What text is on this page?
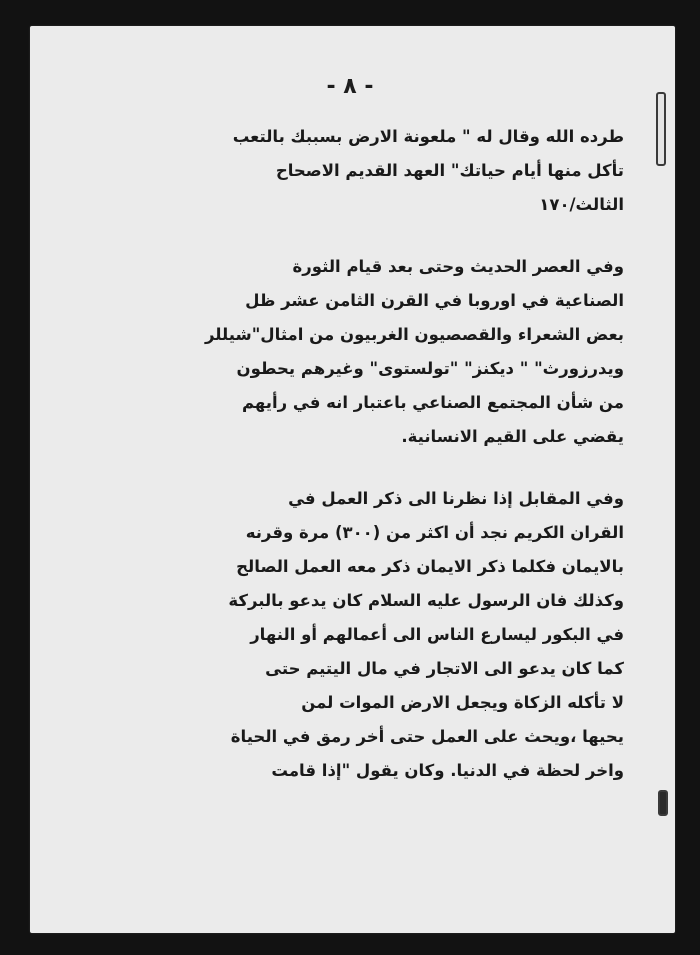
- ٨ -
طرده الله وقال له " ملعونة الارض بسببك بالتعب
تأكل منها أيام حياتك" العهد القديم الاصحاح
الثالث/١٧٠
وفي العصر الحديث وحتى بعد قيام الثورة
الصناعية في اوروبا في القرن الثامن عشر ظل
بعض الشعراء والقصصيون الغربيون من امثال"شيللر
ويدرزورث" " ديكنز" "تولستوى" وغيرهم يحطون
من شأن المجتمع الصناعي باعتبار انه في رأيهم
يقضي على القيم الانسانية.
وفي المقابل إذا نظرنا الى ذكر العمل في
القران الكريم نجد أن اكثر من (٣٠٠) مرة وقرنه
بالايمان فكلما ذكر الايمان ذكر معه العمل الصالح
وكذلك فان الرسول عليه السلام كان يدعو بالبركة
في البكور ليسارع الناس الى أعمالهم أو النهار
كما كان يدعو الى الاتجار في مال اليتيم حتى
لا تأكله الزكاة ويجعل الارض الموات لمن
يحيها ،ويحث على العمل حتى أخر رمق في الحياة
واخر لحظة في الدنيا. وكان يقول "إذا قامت
